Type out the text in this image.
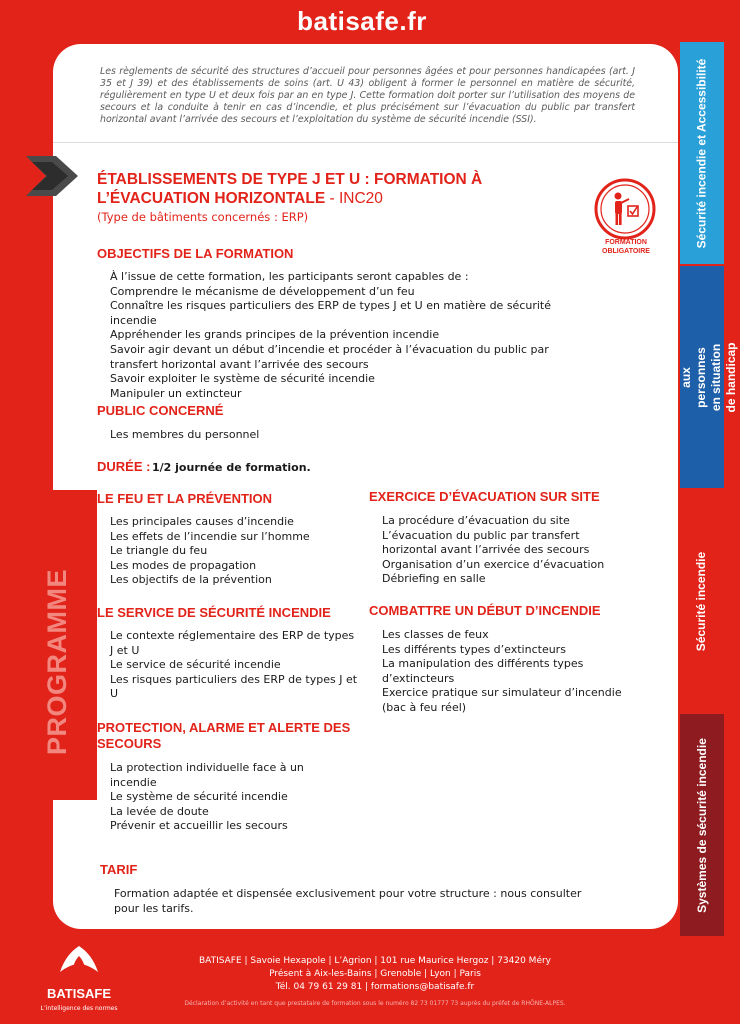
batisafe.fr
Sécurité incendie et Accessibilité
aux personnes en situation de handicap
Sécurité incendie
Systèmes de sécurité incendie
PROGRAMME
Les règlements de sécurité des structures d’accueil pour personnes âgées et pour personnes handicapées (art. J 35 et J 39) et des établissements de soins (art. U 43) obligent à former le personnel en matière de sécurité, régulièrement en type U et deux fois par an en type J. Cette formation doit porter sur l’utilisation des moyens de secours et la conduite à tenir en cas d’incendie, et plus précisément sur l’évacuation du public par transfert horizontal avant l’arrivée des secours et l’exploitation du système de sécurité incendie (SSI).
ÉTABLISSEMENTS DE TYPE J ET U : FORMATION À L’ÉVACUATION HORIZONTALE - INC20
(Type de bâtiments concernés : ERP)
FORMATION
OBLIGATOIRE
OBJECTIFS DE LA FORMATION
À l’issue de cette formation, les participants seront capables de :
Comprendre le mécanisme de développement d’un feu
Connaître les risques particuliers des ERP de types J et U en matière de sécurité incendie
Appréhender les grands principes de la prévention incendie
Savoir agir devant un début d’incendie et procéder à l’évacuation du public par transfert horizontal avant l’arrivée des secours
Savoir exploiter le système de sécurité incendie
Manipuler un extincteur
PUBLIC CONCERNÉ
Les membres du personnel
DURÉE : 1/2 journée de formation.
LE FEU ET LA PRÉVENTION
Les principales causes d’incendie
Les effets de l’incendie sur l’homme
Le triangle du feu
Les modes de propagation
Les objectifs de la prévention
LE SERVICE DE SÉCURITÉ INCENDIE
Le contexte réglementaire des ERP de types J et U
Le service de sécurité incendie
Les risques particuliers des ERP de types J et U
PROTECTION, ALARME ET ALERTE DES SECOURS
La protection individuelle face à un incendie
Le système de sécurité incendie
La levée de doute
Prévenir et accueillir les secours
EXERCICE D’ÉVACUATION SUR SITE
La procédure d’évacuation du site
L’évacuation du public par transfert horizontal avant l’arrivée des secours
Organisation d’un exercice d’évacuation
Débriefing en salle
COMBATTRE UN DÉBUT D’INCENDIE
Les classes de feux
Les différents types d’extincteurs
La manipulation des différents types d’extincteurs
Exercice pratique sur simulateur d’incendie (bac à feu réel)
TARIF
Formation adaptée et dispensée exclusivement pour votre structure : nous consulter pour les tarifs.
BATISAFE
L’intelligence des normes
BATISAFE | Savoie Hexapole | L’Agrion | 101 rue Maurice Hergoz | 73420 Méry
Présent à Aix-les-Bains | Grenoble | Lyon | Paris
Tél. 04 79 61 29 81 | formations@batisafe.fr
Déclaration d’activité en tant que prestataire de formation sous le numéro 82 73 01777 73 auprès du préfet de RHÔNE-ALPES.
